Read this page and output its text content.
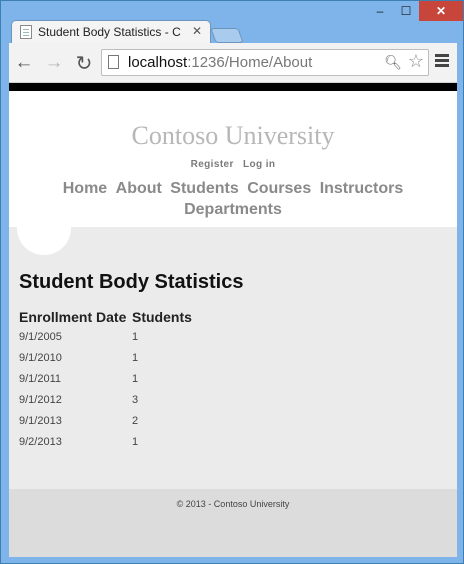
Student Body Statistics - C ✕
–	☐	✕
← → ↻ localhost:1236/Home/About	🔍︎ ☆
Contoso University
Register Log in
Home About Students Courses Instructors Departments
Student Body Statistics
Enrollment Date	Students
9/1/2005	1
9/1/2010	1
9/1/2011	1
9/1/2012	3
9/1/2013	2
9/2/2013	1
© 2013 - Contoso University
